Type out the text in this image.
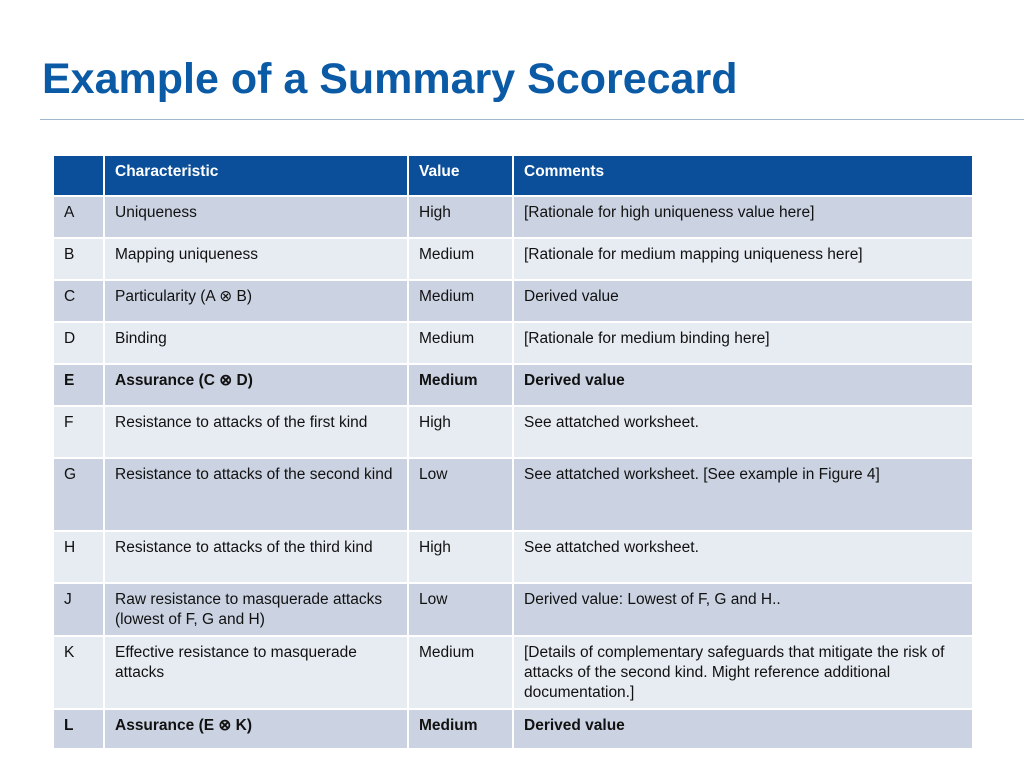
Example of a Summary Scorecard
	Characteristic	Value	Comments
A	Uniqueness	High	[Rationale for high uniqueness value here]
B	Mapping uniqueness	Medium	[Rationale for medium mapping uniqueness here]
C	Particularity (A ⊗ B)	Medium	Derived value
D	Binding	Medium	[Rationale for medium binding here]
E	Assurance (C ⊗ D)	Medium	Derived value
F	Resistance to attacks of the first kind	High	See attatched worksheet.
G	Resistance to attacks of the second kind	Low	See attatched worksheet. [See example in Figure 4]
H	Resistance to attacks of the third kind	High	See attatched worksheet.
J	Raw resistance to masquerade attacks (lowest of F, G and H)	Low	Derived value: Lowest of F, G and H..
K	Effective resistance to masquerade attacks	Medium	[Details of complementary safeguards that mitigate the risk of attacks of the second kind. Might reference additional documentation.]
L	Assurance (E ⊗ K)	Medium	Derived value
